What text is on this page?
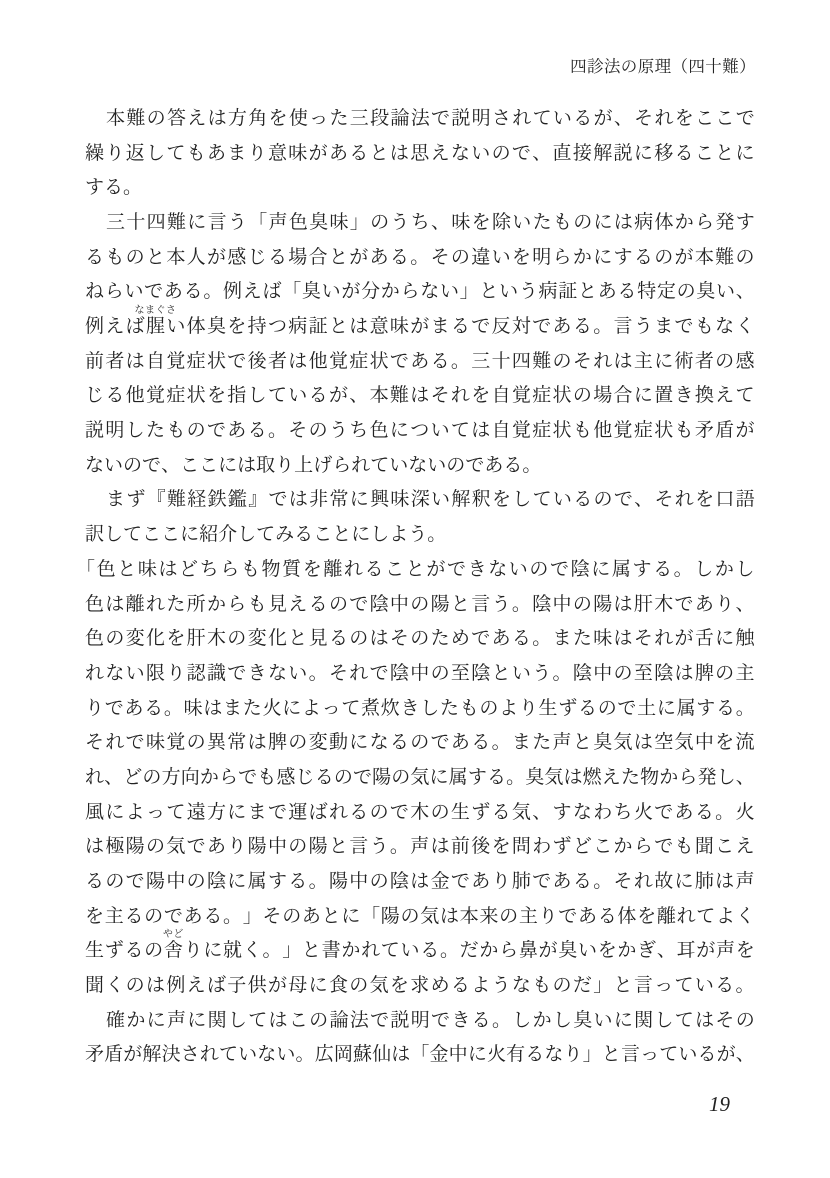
四診法の原理（四十難）
本 難 の 答 え は 方 角 を 使 っ た 三 段 論 法 で 説 明 さ れ て い る が 、 そ れ を こ こ で
繰 り 返 し て も あ ま り 意 味 が あ る と は 思 え な い の で 、 直 接 解 説 に 移 る こ と に
す る 。
三 十 四 難 に 言 う 「 声 色 臭 味 」 の う ち 、 味 を 除 い た も の に は 病 体 か ら 発 す
る も の と 本 人 が 感 じ る 場 合 と が あ る 。 そ の 違 い を 明 ら か に す る の が 本 難 の
ね ら い で あ る 。 例 え ば 「 臭 い が 分 か ら な い 」 と い う 病 証 と あ る 特 定 の 臭 い 、
例 え ば 腥
なまぐさ
い 体 臭 を 持 つ 病 証 と は 意 味 が ま る で 反 対 で あ る 。 言 う ま で も な く
前 者 は 自 覚 症 状 で 後 者 は 他 覚 症 状 で あ る 。 三 十 四 難 の そ れ は 主 に 術 者 の 感
じ る 他 覚 症 状 を 指 し て い る が 、 本 難 は そ れ を 自 覚 症 状 の 場 合 に 置 き 換 え て
説 明 し た も の で あ る 。 そ の う ち 色 に つ い て は 自 覚 症 状 も 他 覚 症 状 も 矛 盾 が
な い の で 、 こ こ に は 取 り 上 げ ら れ て い な い の で あ る 。
ま ず 『 難 経 鉄 鑑 』 で は 非 常 に 興 味 深 い 解 釈 を し て い る の で 、 そ れ を 口 語
訳 し て こ こ に 紹 介 し て み る こ と に し よ う 。
「 色 と 味 は ど ち ら も 物 質 を 離 れ る こ と が で き な い の で 陰 に 属 す る 。 し か し
色 は 離 れ た 所 か ら も 見 え る の で 陰 中 の 陽 と 言 う 。 陰 中 の 陽 は 肝 木 で あ り 、
色 の 変 化 を 肝 木 の 変 化 と 見 る の は そ の た め で あ る 。 ま た 味 は そ れ が 舌 に 触
れ な い 限 り 認 識 で き な い 。 そ れ で 陰 中 の 至 陰 と い う 。 陰 中 の 至 陰 は 脾 の 主
り で あ る 。 味 は ま た 火 に よ っ て 煮 炊 き し た も の よ り 生 ず る の で 土 に 属 す る 。
そ れ で 味 覚 の 異 常 は 脾 の 変 動 に な る の で あ る 。 ま た 声 と 臭 気 は 空 気 中 を 流
れ 、 ど の 方 向 か ら で も 感 じ る の で 陽 の 気 に 属 す る 。 臭 気 は 燃 え た 物 か ら 発 し 、
風 に よ っ て 遠 方 に ま で 運 ば れ る の で 木 の 生 ず る 気 、 す な わ ち 火 で あ る 。 火
は 極 陽 の 気 で あ り 陽 中 の 陽 と 言 う 。 声 は 前 後 を 問 わ ず ど こ か ら で も 聞 こ え
る の で 陽 中 の 陰 に 属 す る 。 陽 中 の 陰 は 金 で あ り 肺 で あ る 。 そ れ 故 に 肺 は 声
を 主 る の で あ る 。 」 そ の あ と に 「 陽 の 気 は 本 来 の 主 り で あ る 体 を 離 れ て よ く
生 ず る の 舎
やど
り に 就 く 。 」 と 書 か れ て い る 。 だ か ら 鼻 が 臭 い を か ぎ 、 耳 が 声 を
聞 く の は 例 え ば 子 供 が 母 に 食 の 気 を 求 め る よ う な も の だ 」 と 言 っ て い る 。
確 か に 声 に 関 し て は こ の 論 法 で 説 明 で き る 。 し か し 臭 い に 関 し て は そ の
矛 盾 が 解 決 さ れ て い な い 。 広 岡 蘇 仙 は 「 金 中 に 火 有 る な り 」 と 言 っ て い る が 、
19
